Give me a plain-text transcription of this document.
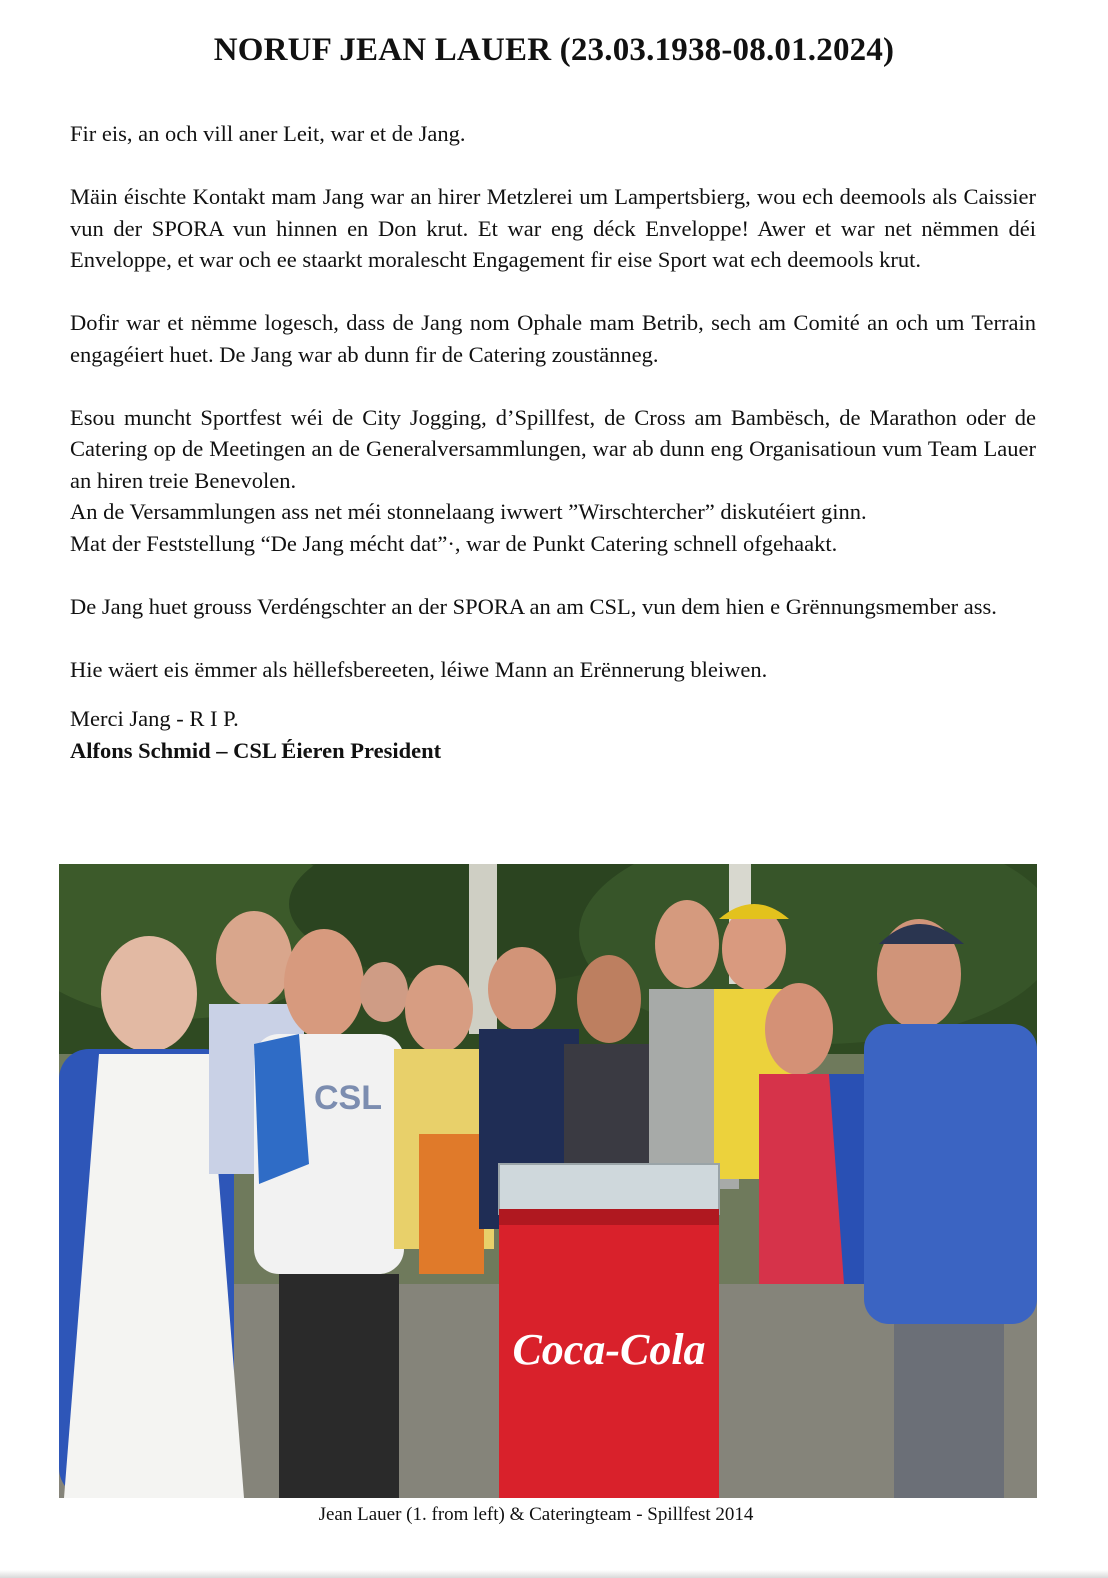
NORUF JEAN LAUER (23.03.1938-08.01.2024)

Fir eis, an och vill aner Leit, war et de Jang.

Mäin éischte Kontakt mam Jang war an hirer Metzlerei um Lampertsbierg, wou ech deemools als Caissier vun der SPORA vun hinnen en Don krut. Et war eng déck Enveloppe! Awer et war net nëmmen déi Enveloppe, et war och ee staarkt moralescht Engagement fir eise Sport wat ech deemools krut.

Dofir war et nëmme logesch, dass de Jang nom Ophale mam Betrib, sech am Comité an och um Terrain engagéiert huet. De Jang war ab dunn fir de Catering zoustänneg.

Esou muncht Sportfest wéi de City Jogging, d’Spillfest, de Cross am Bambësch, de Marathon oder de Catering op de Meetingen an de Generalversammlungen, war ab dunn eng Organisatioun vum Team Lauer an hiren treie Benevolen.

An de Versammlungen ass net méi stonnelaang iwwert ”Wirschtercher” diskutéiert ginn.

Mat der Feststellung “De Jang mécht dat”·, war de Punkt Catering schnell ofgehaakt.

De Jang huet grouss Verdéngschter an der SPORA an am CSL, vun dem hien e Grënnungsmember ass.

Hie wäert eis ëmmer als hëllefsbereeten, léiwe Mann an Erënnerung bleiwen.

Merci Jang - R I P.

Alfons Schmid – CSL Éieren President

CSL
Coca-Cola

Jean Lauer (1. from left) & Cateringteam - Spillfest 2014
